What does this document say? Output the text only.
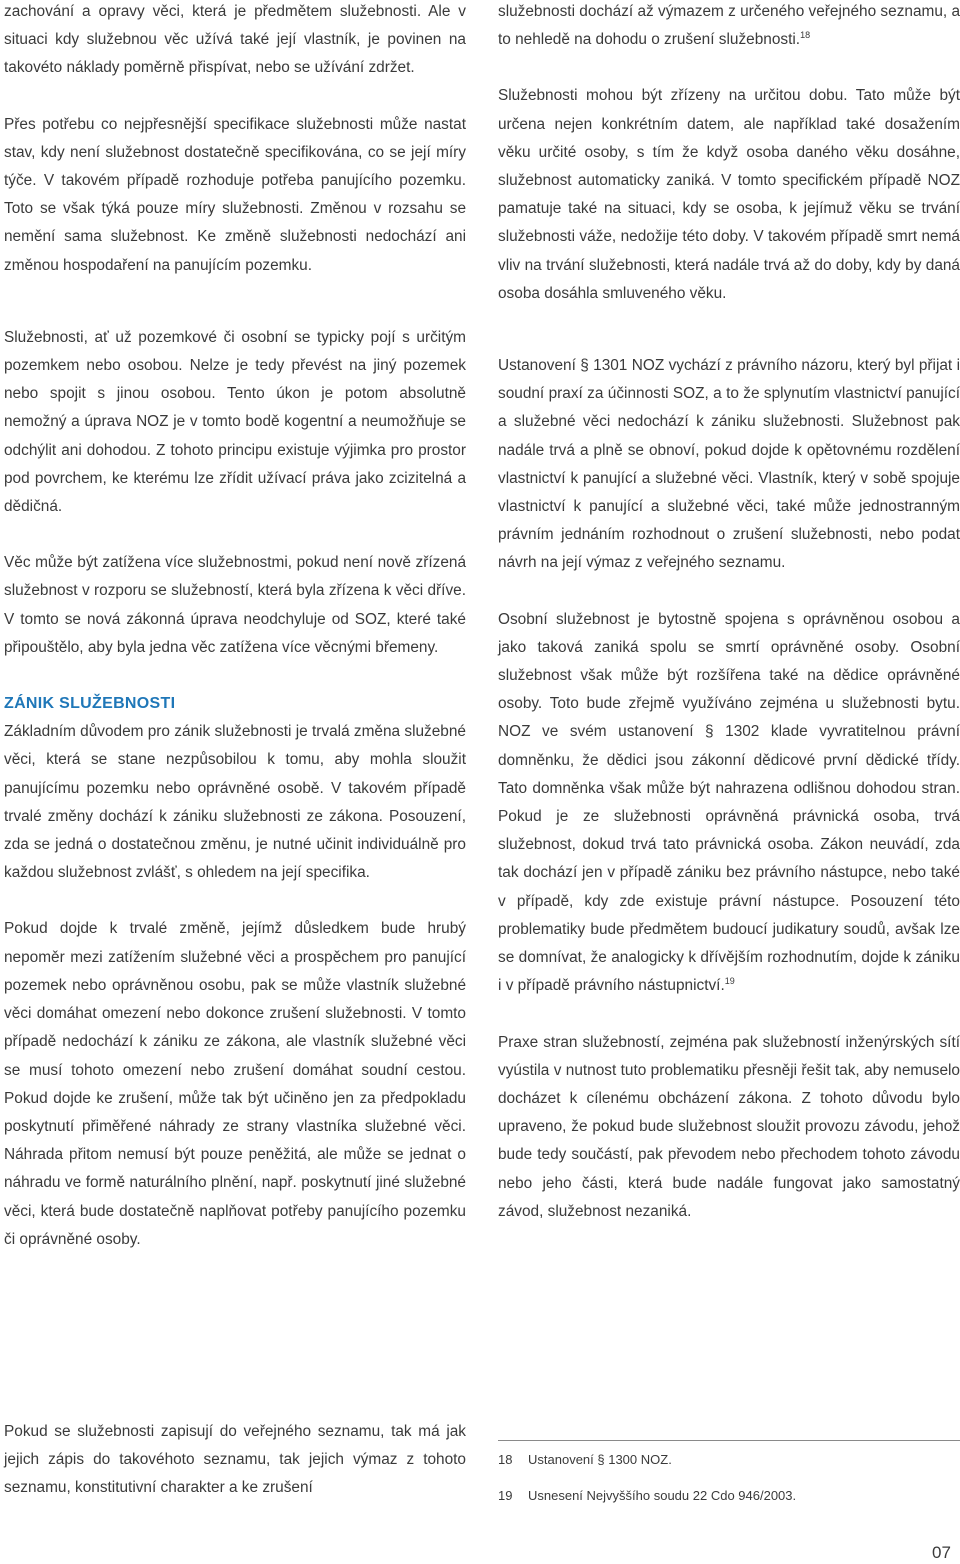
zachování a opravy věci, která je předmětem služebnosti. Ale v situaci kdy služebnou věc užívá také její vlastník, je povinen na takovéto náklady poměrně přispívat, nebo se užívání zdržet.

Přes potřebu co nejpřesnější specifikace služebnosti může nastat stav, kdy není služebnost dostatečně specifikována, co se její míry týče. V takovém případě rozhoduje potřeba panujícího pozemku. Toto se však týká pouze míry služebnosti. Změnou v rozsahu se nemění sama služebnost. Ke změně služebnosti nedochází ani změnou hospodaření na panujícím pozemku.

Služebnosti, ať už pozemkové či osobní se typicky pojí s určitým pozemkem nebo osobou. Nelze je tedy převést na jiný pozemek nebo spojit s jinou osobou. Tento úkon je potom absolutně nemožný a úprava NOZ je v tomto bodě kogentní a neumožňuje se odchýlit ani dohodou. Z tohoto principu existuje výjimka pro prostor pod povrchem, ke kterému lze zřídit užívací práva jako zcizitelná a dědičná.

Věc může být zatížena více služebnostmi, pokud není nově zřízená služebnost v rozporu se služebností, která byla zřízena k věci dříve. V tomto se nová zákonná úprava neodchyluje od SOZ, které také připouštělo, aby byla jedna věc zatížena více věcnými břemeny.

ZÁNIK SLUŽEBNOSTI

Základním důvodem pro zánik služebnosti je trvalá změna služebné věci, která se stane nezpůsobilou k tomu, aby mohla sloužit panujícímu pozemku nebo oprávněné osobě. V takovém případě trvalé změny dochází k zániku služebnosti ze zákona. Posouzení, zda se jedná o dostatečnou změnu, je nutné učinit individuálně pro každou služebnost zvlášť, s ohledem na její specifika.

Pokud dojde k trvalé změně, jejímž důsledkem bude hrubý nepoměr mezi zatížením služebné věci a prospěchem pro panující pozemek nebo oprávněnou osobu, pak se může vlastník služebné věci domáhat omezení nebo dokonce zrušení služebnosti. V tomto případě nedochází k zániku ze zákona, ale vlastník služebné věci se musí tohoto omezení nebo zrušení domáhat soudní cestou. Pokud dojde ke zrušení, může tak být učiněno jen za předpokladu poskytnutí přiměřené náhrady ze strany vlastníka služebné věci. Náhrada přitom nemusí být pouze peněžitá, ale může se jednat o náhradu ve formě naturálního plnění, např. poskytnutí jiné služebné věci, která bude dostatečně naplňovat potřeby panujícího pozemku či oprávněné osoby.

Pokud se služebnosti zapisují do veřejného seznamu, tak má jak jejich zápis do takovéhoto seznamu, tak jejich výmaz z tohoto seznamu, konstitutivní charakter a ke zrušení

služebnosti dochází až výmazem z určeného veřejného seznamu, a to nehledě na dohodu o zrušení služebnosti.$^{18}$

Služebnosti mohou být zřízeny na určitou dobu. Tato může být určena nejen konkrétním datem, ale například také dosažením věku určité osoby, s tím že když osoba daného věku dosáhne, služebnost automaticky zaniká. V tomto specifickém případě NOZ pamatuje také na situaci, kdy se osoba, k jejímuž věku se trvání služebnosti váže, nedožije této doby. V takovém případě smrt nemá vliv na trvání služebnosti, která nadále trvá až do doby, kdy by daná osoba dosáhla smluveného věku.

Ustanovení § 1301 NOZ vychází z právního názoru, který byl přijat i soudní praxí za účinnosti SOZ, a to že splynutím vlastnictví panující a služebné věci nedochází k zániku služebnosti. Služebnost pak nadále trvá a plně se obnoví, pokud dojde k opětovnému rozdělení vlastnictví k panující a služebné věci. Vlastník, který v sobě spojuje vlastnictví k panující a služebné věci, také může jednostranným právním jednáním rozhodnout o zrušení služebnosti, nebo podat návrh na její výmaz z veřejného seznamu.

Osobní služebnost je bytostně spojena s oprávněnou osobou a jako taková zaniká spolu se smrtí oprávněné osoby. Osobní služebnost však může být rozšířena také na dědice oprávněné osoby. Toto bude zřejmě využíváno zejména u služebnosti bytu. NOZ ve svém ustanovení § 1302 klade vyvratitelnou právní domněnku, že dědici jsou zákonní dědicové první dědické třídy. Tato domněnka však může být nahrazena odlišnou dohodou stran. Pokud je ze služebnosti oprávněná právnická osoba, trvá služebnost, dokud trvá tato právnická osoba. Zákon neuvádí, zda tak dochází jen v případě zániku bez právního nástupce, nebo také v případě, kdy zde existuje právní nástupce. Posouzení této problematiky bude předmětem budoucí judikatury soudů, avšak lze se domnívat, že analogicky k dřívějším rozhodnutím, dojde k zániku i v případě právního nástupnictví.$^{19}$

Praxe stran služebností, zejména pak služebností inženýrských sítí vyústila v nutnost tuto problematiku přesněji řešit tak, aby nemuselo docházet k cílenému obcházení zákona. Z tohoto důvodu bylo upraveno, že pokud bude služebnost sloužit provozu závodu, jehož bude tedy součástí, pak převodem nebo přechodem tohoto závodu nebo jeho části, která bude nadále fungovat jako samostatný závod, služebnost nezaniká.

18 Ustanovení § 1300 NOZ.
19 Usnesení Nejvyššího soudu 22 Cdo 946/2003.
07
